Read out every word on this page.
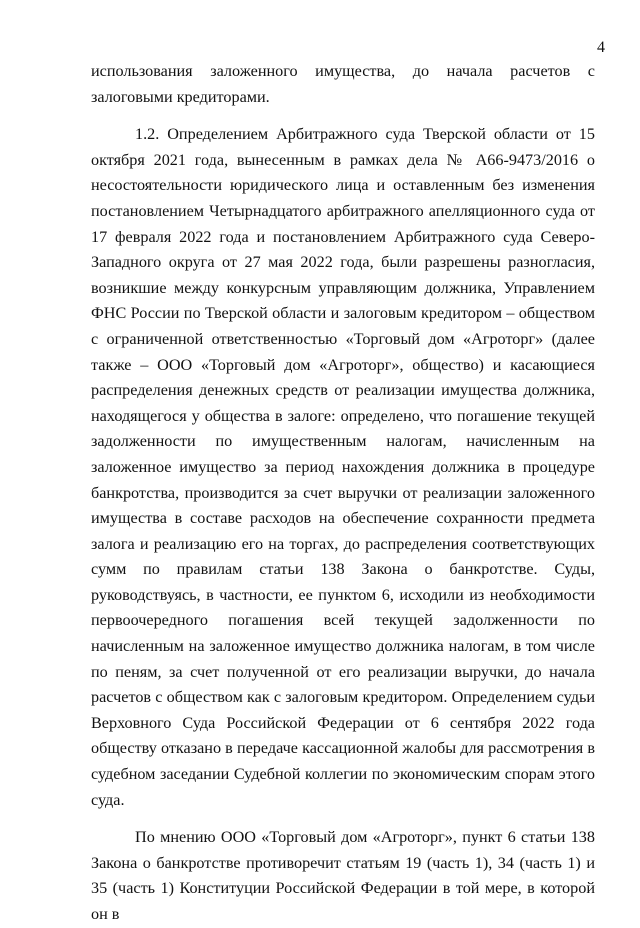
4

использования заложенного имущества, до начала расчетов с залоговыми кредиторами.

1.2. Определением Арбитражного суда Тверской области от 15 октября 2021 года, вынесенным в рамках дела № А66-9473/2016 о несостоятельности юридического лица и оставленным без изменения постановлением Четырнадцатого арбитражного апелляционного суда от 17 февраля 2022 года и постановлением Арбитражного суда Северо-Западного округа от 27 мая 2022 года, были разрешены разногласия, возникшие между конкурсным управляющим должника, Управлением ФНС России по Тверской области и залоговым кредитором – обществом с ограниченной ответственностью «Торговый дом «Агроторг» (далее также – ООО «Торговый дом «Агроторг», общество) и касающиеся распределения денежных средств от реализации имущества должника, находящегося у общества в залоге: определено, что погашение текущей задолженности по имущественным налогам, начисленным на заложенное имущество за период нахождения должника в процедуре банкротства, производится за счет выручки от реализации заложенного имущества в составе расходов на обеспечение сохранности предмета залога и реализацию его на торгах, до распределения соответствующих сумм по правилам статьи 138 Закона о банкротстве. Суды, руководствуясь, в частности, ее пунктом 6, исходили из необходимости первоочередного погашения всей текущей задолженности по начисленным на заложенное имущество должника налогам, в том числе по пеням, за счет полученной от его реализации выручки, до начала расчетов с обществом как с залоговым кредитором. Определением судьи Верховного Суда Российской Федерации от 6 сентября 2022 года обществу отказано в передаче кассационной жалобы для рассмотрения в судебном заседании Судебной коллегии по экономическим спорам этого суда.

По мнению ООО «Торговый дом «Агроторг», пункт 6 статьи 138 Закона о банкротстве противоречит статьям 19 (часть 1), 34 (часть 1) и 35 (часть 1) Конституции Российской Федерации в той мере, в которой он в
